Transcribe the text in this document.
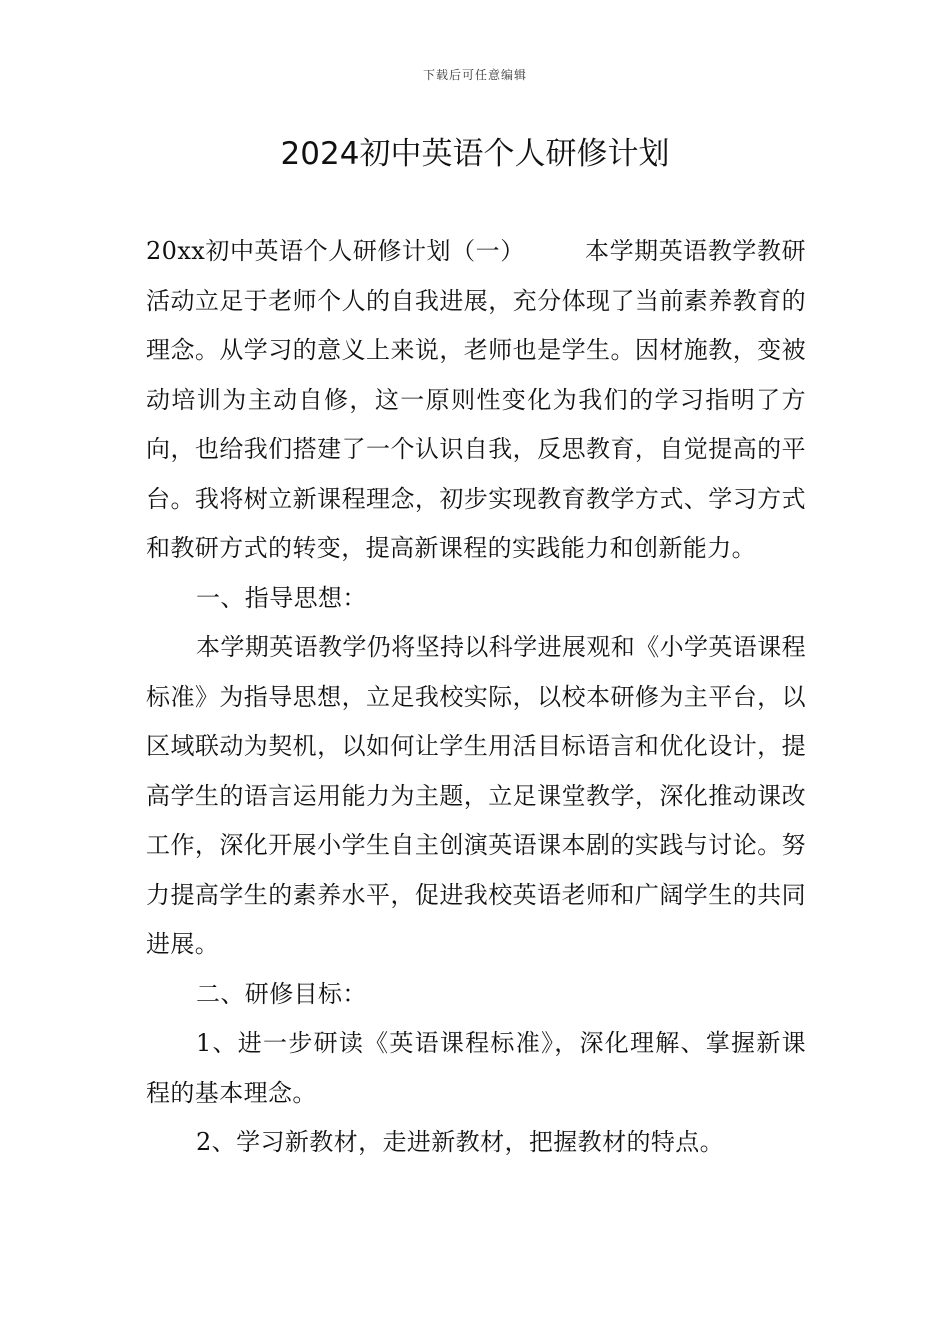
下载后可任意编辑
2024初中英语个人研修计划

20xx初中英语个人研修计划（一）	本学期英语教学教研活动立足于老师个人的自我进展，充分体现了当前素养教育的理念。从学习的意义上来说，老师也是学生。因材施教，变被动培训为主动自修，这一原则性变化为我们的学习指明了方向，也给我们搭建了一个认识自我，反思教育，自觉提高的平台。我将树立新课程理念，初步实现教育教学方式、学习方式和教研方式的转变，提高新课程的实践能力和创新能力。

一、指导思想：

本学期英语教学仍将坚持以科学进展观和《小学英语课程标准》为指导思想，立足我校实际，以校本研修为主平台，以区域联动为契机，以如何让学生用活目标语言和优化设计，提高学生的语言运用能力为主题，立足课堂教学，深化推动课改工作，深化开展小学生自主创演英语课本剧的实践与讨论。努力提高学生的素养水平，促进我校英语老师和广阔学生的共同进展。

二、研修目标：

1、进一步研读《英语课程标准》，深化理解、掌握新课程的基本理念。

2、学习新教材，走进新教材，把握教材的特点。
